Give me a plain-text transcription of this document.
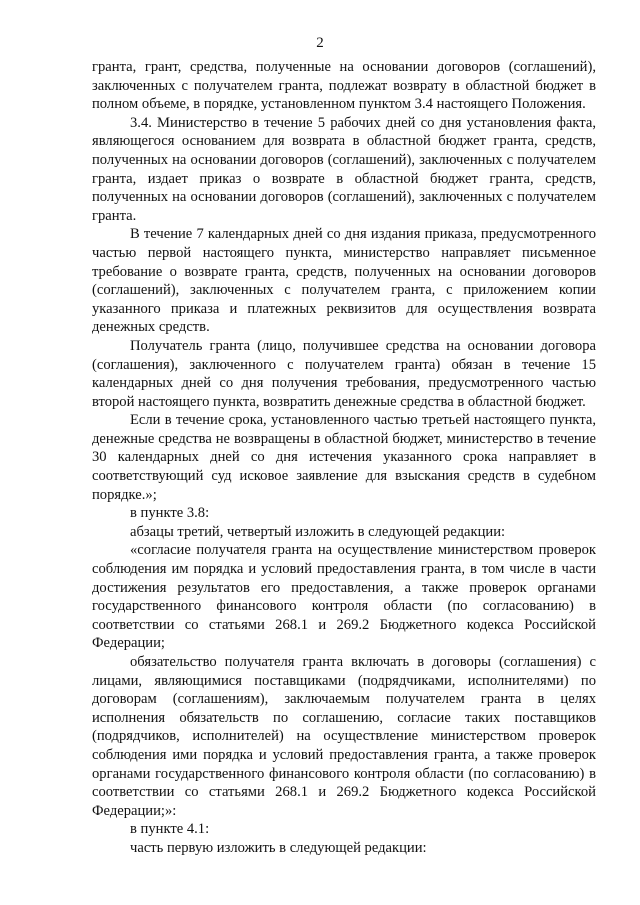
2

гранта, грант, средства, полученные на основании договоров (соглашений), заключенных с получателем гранта, подлежат возврату в областной бюджет в полном объеме, в порядке, установленном пунктом 3.4 настоящего Положения.

3.4. Министерство в течение 5 рабочих дней со дня установления факта, являющегося основанием для возврата в областной бюджет гранта, средств, полученных на основании договоров (соглашений), заключенных с получателем гранта, издает приказ о возврате в областной бюджет гранта, средств, полученных на основании договоров (соглашений), заключенных с получателем гранта.

В течение 7 календарных дней со дня издания приказа, предусмотренного частью первой настоящего пункта, министерство направляет письменное требование о возврате гранта, средств, полученных на основании договоров (соглашений), заключенных с получателем гранта, с приложением копии указанного приказа и платежных реквизитов для осуществления возврата денежных средств.

Получатель гранта (лицо, получившее средства на основании договора (соглашения), заключенного с получателем гранта) обязан в течение 15 календарных дней со дня получения требования, предусмотренного частью второй настоящего пункта, возвратить денежные средства в областной бюджет.

Если в течение срока, установленного частью третьей настоящего пункта, денежные средства не возвращены в областной бюджет, министерство в течение 30 календарных дней со дня истечения указанного срока направляет в соответствующий суд исковое заявление для взыскания средств в судебном порядке.»;

в пункте 3.8:

абзацы третий, четвертый изложить в следующей редакции:

«согласие получателя гранта на осуществление министерством проверок соблюдения им порядка и условий предоставления гранта, в том числе в части достижения результатов его предоставления, а также проверок органами государственного финансового контроля области (по согласованию) в соответствии со статьями 268.1 и 269.2 Бюджетного кодекса Российской Федерации;

обязательство получателя гранта включать в договоры (соглашения) с лицами, являющимися поставщиками (подрядчиками, исполнителями) по договорам (соглашениям), заключаемым получателем гранта в целях исполнения обязательств по соглашению, согласие таких поставщиков (подрядчиков, исполнителей) на осуществление министерством проверок соблюдения ими порядка и условий предоставления гранта, а также проверок органами государственного финансового контроля области (по согласованию) в соответствии со статьями 268.1 и 269.2 Бюджетного кодекса Российской Федерации;»:

в пункте 4.1:

часть первую изложить в следующей редакции:
